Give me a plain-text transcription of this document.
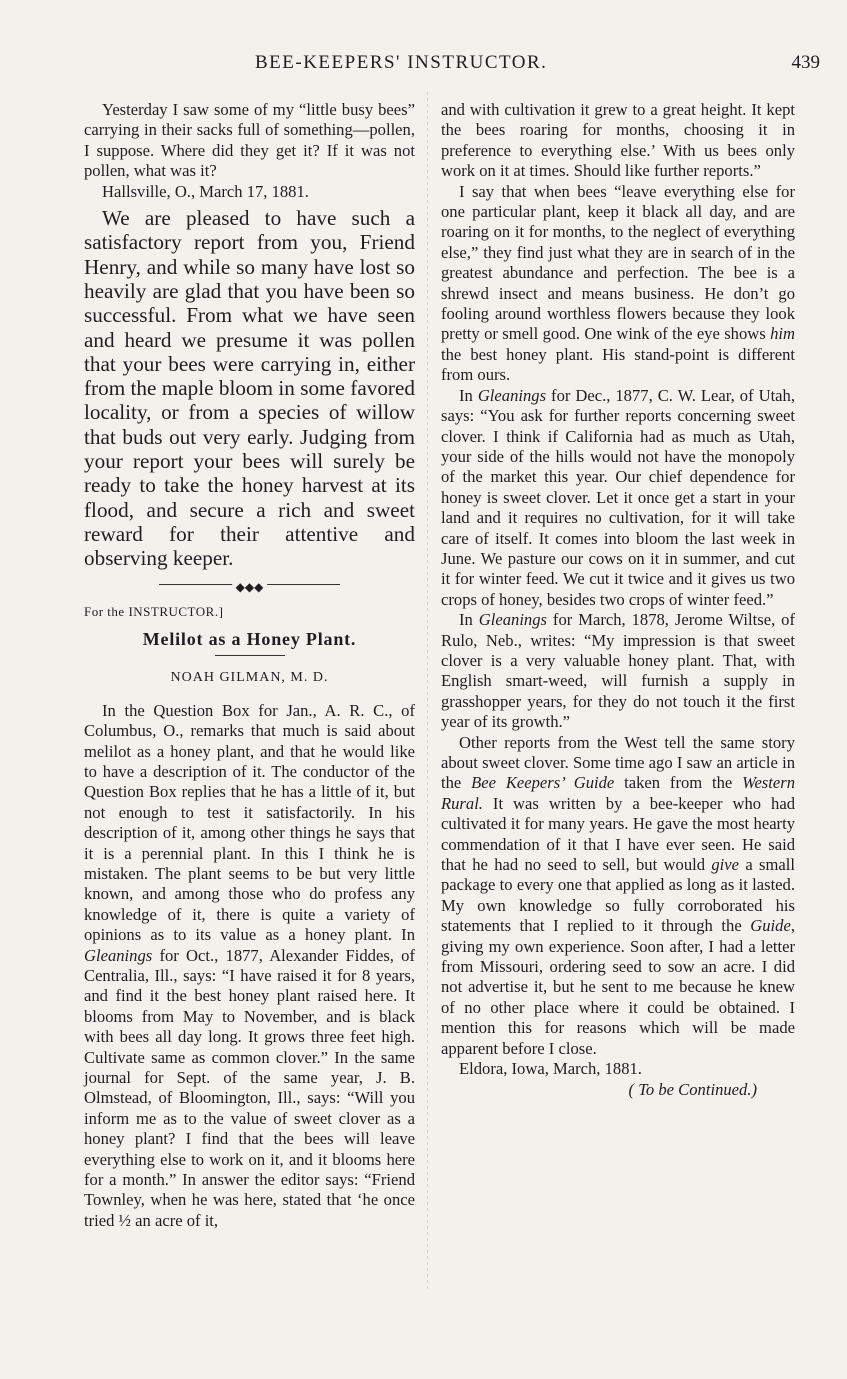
BEE-KEEPERS' INSTRUCTOR.	439

Yesterday I saw some of my “little busy bees” carrying in their sacks full of something—pollen, I suppose. Where did they get it? If it was not pollen, what was it?

Hallsville, O., March 17, 1881.

We are pleased to have such a satisfactory report from you, Friend Henry, and while so many have lost so heavily are glad that you have been so successful. From what we have seen and heard we presume it was pollen that your bees were carrying in, either from the maple bloom in some favored locality, or from a species of willow that buds out very early. Judging from your report your bees will surely be ready to take the honey harvest at its flood, and secure a rich and sweet reward for their attentive and observing keeper.

◆◆◆

For the INSTRUCTOR.]

Melilot as a Honey Plant.
NOAH GILMAN, M. D.

In the Question Box for Jan., A. R. C., of Columbus, O., remarks that much is said about melilot as a honey plant, and that he would like to have a description of it. The conductor of the Question Box replies that he has a little of it, but not enough to test it satisfactorily. In his description of it, among other things he says that it is a perennial plant. In this I think he is mistaken. The plant seems to be but very little known, and among those who do profess any knowledge of it, there is quite a variety of opinions as to its value as a honey plant. In Gleanings for Oct., 1877, Alexander Fiddes, of Centralia, Ill., says: “I have raised it for 8 years, and find it the best honey plant raised here. It blooms from May to November, and is black with bees all day long. It grows three feet high. Cultivate same as common clover.” In the same journal for Sept. of the same year, J. B. Olmstead, of Bloomington, Ill., says: “Will you inform me as to the value of sweet clover as a honey plant? I find that the bees will leave everything else to work on it, and it blooms here for a month.” In answer the editor says: “Friend Townley, when he was here, stated that ‘he once tried ½ an acre of it,

and with cultivation it grew to a great height. It kept the bees roaring for months, choosing it in preference to everything else.’ With us bees only work on it at times. Should like further reports.”

I say that when bees “leave everything else for one particular plant, keep it black all day, and are roaring on it for months, to the neglect of everything else,” they find just what they are in search of in the greatest abundance and perfection. The bee is a shrewd insect and means business. He don’t go fooling around worthless flowers because they look pretty or smell good. One wink of the eye shows him the best honey plant. His stand-point is different from ours.

In Gleanings for Dec., 1877, C. W. Lear, of Utah, says: “You ask for further reports concerning sweet clover. I think if California had as much as Utah, your side of the hills would not have the monopoly of the market this year. Our chief dependence for honey is sweet clover. Let it once get a start in your land and it requires no cultivation, for it will take care of itself. It comes into bloom the last week in June. We pasture our cows on it in summer, and cut it for winter feed. We cut it twice and it gives us two crops of honey, besides two crops of winter feed.”

In Gleanings for March, 1878, Jerome Wiltse, of Rulo, Neb., writes: “My impression is that sweet clover is a very valuable honey plant. That, with English smart-weed, will furnish a supply in grasshopper years, for they do not touch it the first year of its growth.”

Other reports from the West tell the same story about sweet clover. Some time ago I saw an article in the Bee Keepers’ Guide taken from the Western Rural. It was written by a bee-keeper who had cultivated it for many years. He gave the most hearty commendation of it that I have ever seen. He said that he had no seed to sell, but would give a small package to every one that applied as long as it lasted. My own knowledge so fully corroborated his statements that I replied to it through the Guide, giving my own experience. Soon after, I had a letter from Missouri, ordering seed to sow an acre. I did not advertise it, but he sent to me because he knew of no other place where it could be obtained. I mention this for reasons which will be made apparent before I close.

Eldora, Iowa, March, 1881.

( To be Continued.)
